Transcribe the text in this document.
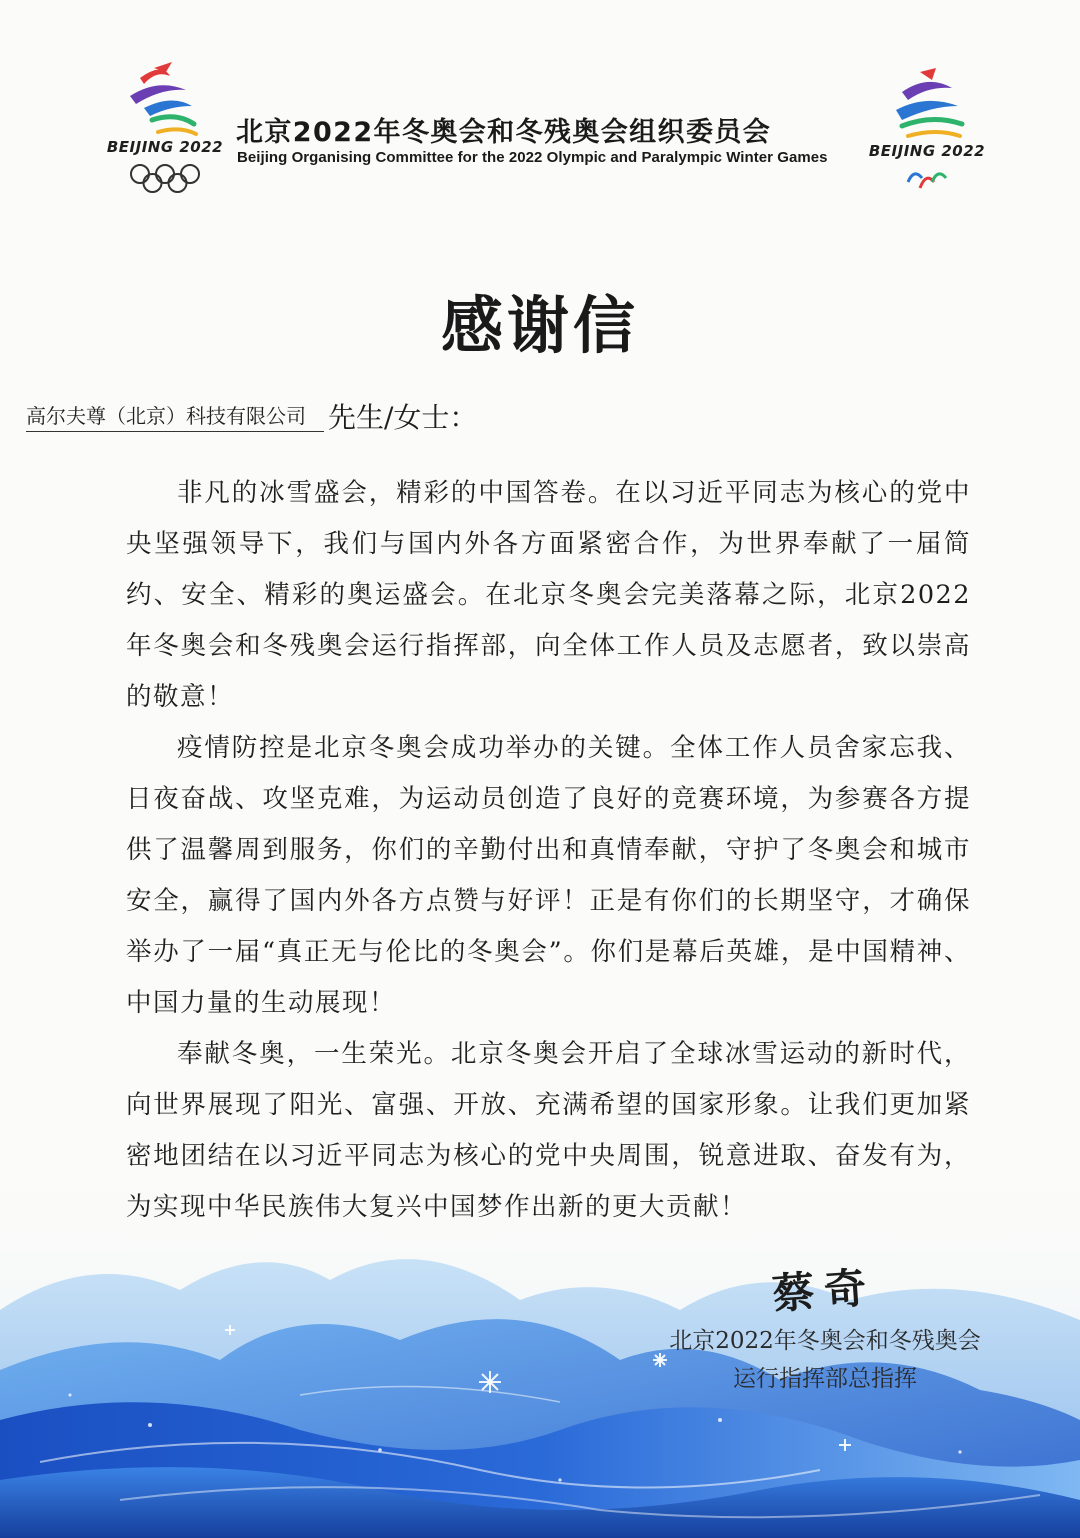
BEIJING 2022 北京2022年冬奥会和冬残奥会组织委员会
Beijing Organising Committee for the 2022 Olympic and Paralympic Winter Games	BEIJING 2022
感谢信
高尔夫尊（北京）科技有限公司 先生/女士：

非凡的冰雪盛会，精彩的中国答卷。在以习近平同志为核心的党中央坚强领导下，我们与国内外各方面紧密合作，为世界奉献了一届简约、安全、精彩的奥运盛会。在北京冬奥会完美落幕之际，北京2022年冬奥会和冬残奥会运行指挥部，向全体工作人员及志愿者，致以崇高的敬意！

疫情防控是北京冬奥会成功举办的关键。全体工作人员舍家忘我、日夜奋战、攻坚克难，为运动员创造了良好的竞赛环境，为参赛各方提供了温馨周到服务，你们的辛勤付出和真情奉献，守护了冬奥会和城市安全，赢得了国内外各方点赞与好评！正是有你们的长期坚守，才确保举办了一届“真正无与伦比的冬奥会”。你们是幕后英雄，是中国精神、中国力量的生动展现！

奉献冬奥，一生荣光。北京冬奥会开启了全球冰雪运动的新时代，向世界展现了阳光、富强、开放、充满希望的国家形象。让我们更加紧密地团结在以习近平同志为核心的党中央周围，锐意进取、奋发有为，为实现中华民族伟大复兴中国梦作出新的更大贡献！

蔡奇
北京2022年冬奥会和冬残奥会
运行指挥部总指挥
